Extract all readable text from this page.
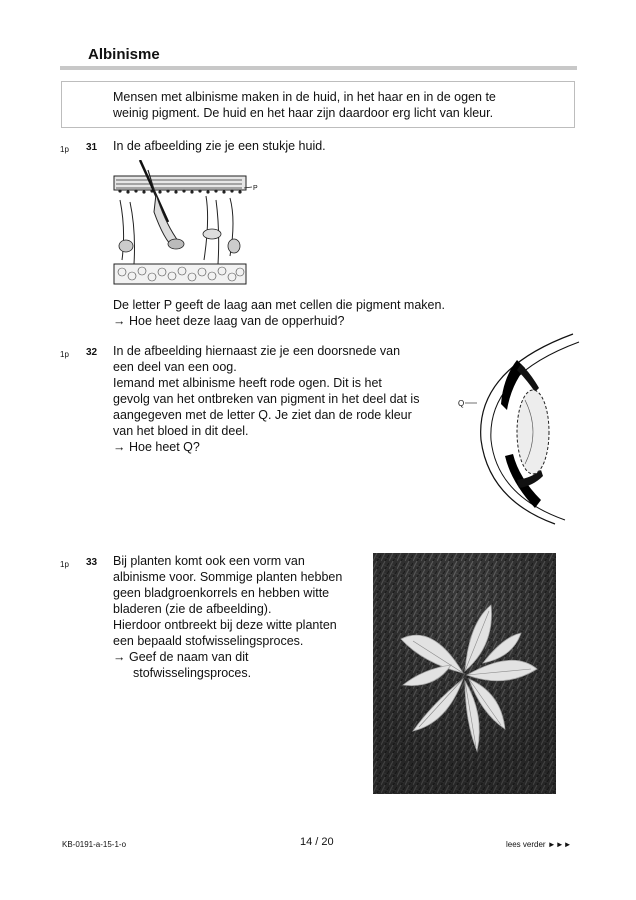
Albinisme
Mensen met albinisme maken in de huid, in het haar en in de ogen te
weinig pigment. De huid en het haar zijn daardoor erg licht van kleur.
1p 31 In de afbeelding zie je een stukje huid.
P
De letter P geeft de laag aan met cellen die pigment maken.
→ Hoe heet deze laag van de opperhuid?
1p 32 In de afbeelding hiernaast zie je een doorsnede van
een deel van een oog.
Iemand met albinisme heeft rode ogen. Dit is het
gevolg van het ontbreken van pigment in het deel dat is
aangegeven met de letter Q. Je ziet dan de rode kleur
van het bloed in dit deel.
→ Hoe heet Q?
Q
1p 33 Bij planten komt ook een vorm van
albinisme voor. Sommige planten hebben
geen bladgroenkorrels en hebben witte
bladeren (zie de afbeelding).
Hierdoor ontbreekt bij deze witte planten
een bepaald stofwisselingsproces.
→ Geef de naam van dit
stofwisselingsproces.
KB-0191-a-15-1-o	14 / 20	lees verder ►►►
